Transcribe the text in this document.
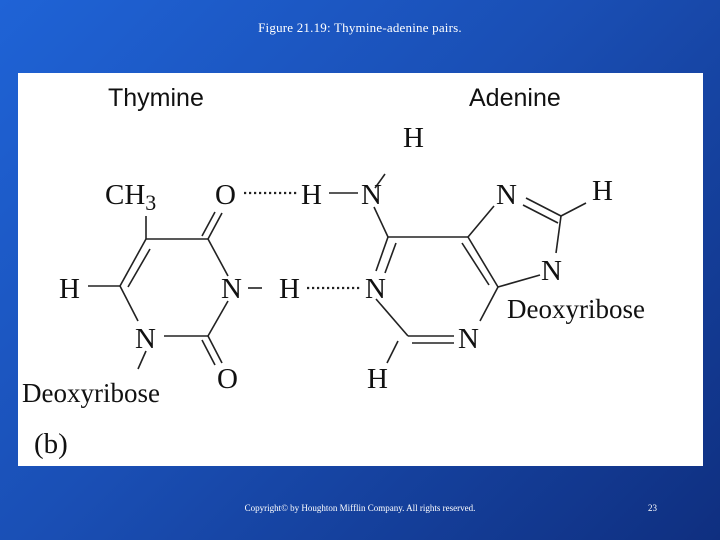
Figure 21.19: Thymine-adenine pairs.
Thymine	Adenine
$CH_3$ O
H	N
N
O
Deoxyribose
H
H
H N
N
N	H
N
N
H
Deoxyribose
(b)
Copyright© by Houghton Mifflin Company. All rights reserved.	23
